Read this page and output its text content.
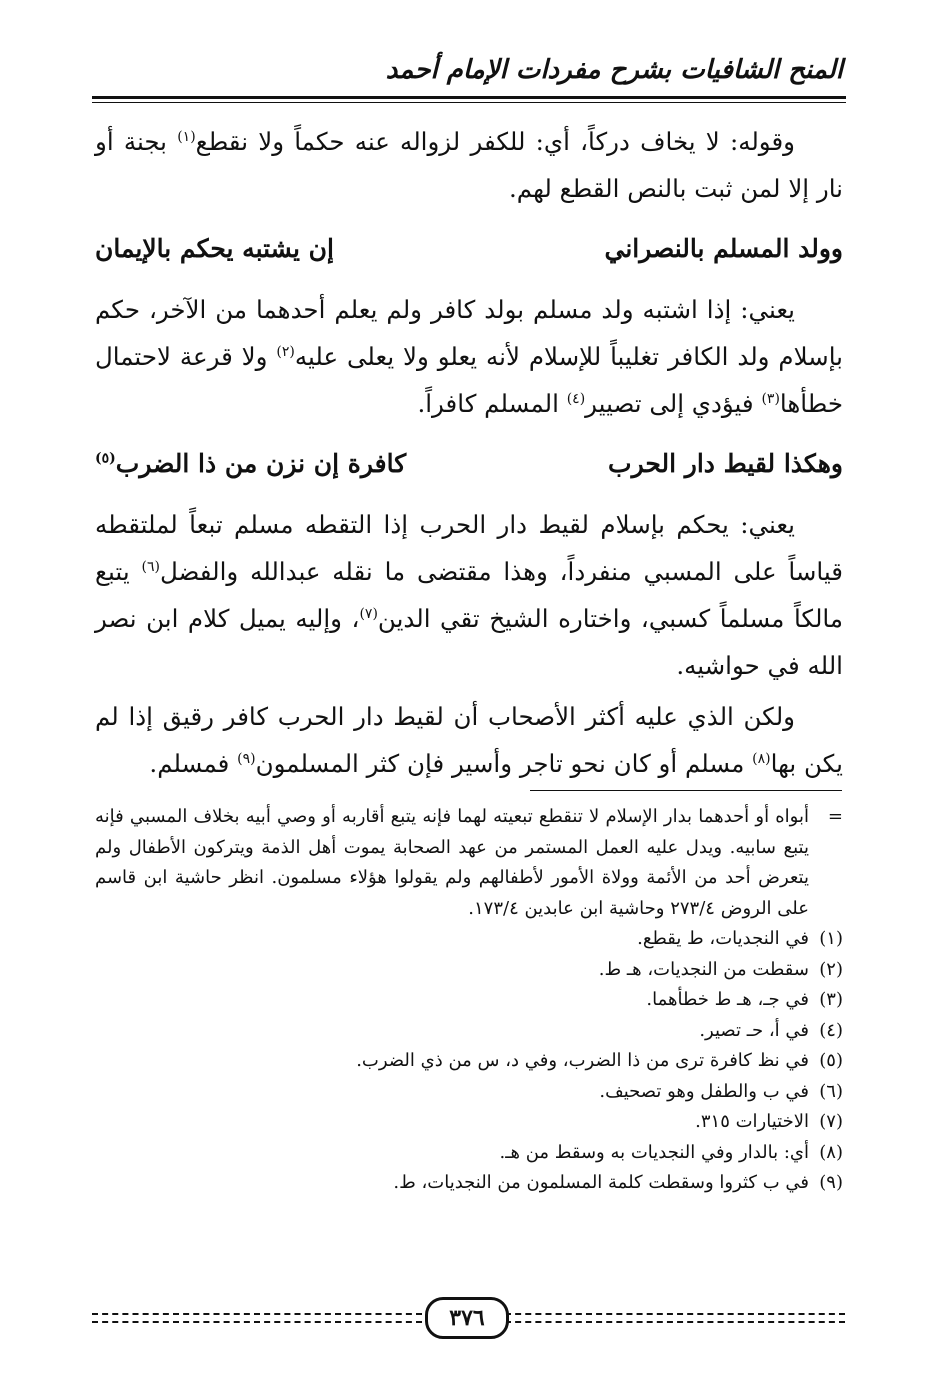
المنح الشافيات بشرح مفردات الإمام أحمد

وقوله: لا يخاف دركاً، أي: للكفر لزواله عنه حكماً ولا نقطع$^{(١)}$ بجنة أو نار إلا لمن ثبت بالنص القطع لهم.

وولد المسلم بالنصراني
إن يشتبه يحكم بالإيمان

يعني: إذا اشتبه ولد مسلم بولد كافر ولم يعلم أحدهما من الآخر، حكم بإسلام ولد الكافر تغليباً للإسلام لأنه يعلو ولا يعلى عليه$^{(٢)}$ ولا قرعة لاحتمال خطأها$^{(٣)}$ فيؤدي إلى تصيير$^{(٤)}$ المسلم كافراً.

وهكذا لقيط دار الحرب
كافرة إن نزن من ذا الضرب$^{(٥)}$

يعني: يحكم بإسلام لقيط دار الحرب إذا التقطه مسلم تبعاً لملتقطه قياساً على المسبي منفرداً، وهذا مقتضى ما نقله عبدالله والفضل$^{(٦)}$ يتبع مالكاً مسلماً كسبي، واختاره الشيخ تقي الدين$^{(٧)}$، وإليه يميل كلام ابن نصر الله في حواشيه.

ولكن الذي عليه أكثر الأصحاب أن لقيط دار الحرب كافر رقيق إذا لم يكن بها$^{(٨)}$ مسلم أو كان نحو تاجر وأسير فإن كثر المسلمون$^{(٩)}$ فمسلم.

=
أبواه أو أحدهما بدار الإسلام لا تنقطع تبعيته لهما فإنه يتبع أقاربه أو وصي أبيه بخلاف المسبي فإنه يتبع سابيه. ويدل عليه العمل المستمر من عهد الصحابة يموت أهل الذمة ويتركون الأطفال ولم يتعرض أحد من الأئمة وولاة الأمور لأطفالهم ولم يقولوا هؤلاء مسلمون. انظر حاشية ابن قاسم على الروض ٢٧٣/٤ وحاشية ابن عابدين ١٧٣/٤.
(١)
في النجديات، ط يقطع.
(٢)
سقطت من النجديات، هـ ط.
(٣)
في جـ، هـ ط خطأهما.
(٤)
في أ، حـ تصير.
(٥)
في نظ كافرة ترى من ذا الضرب، وفي د، س من ذي الضرب.
(٦)
في ب والطفل وهو تصحيف.
(٧)
الاختيارات ٣١٥.
(٨)
أي: بالدار وفي النجديات به وسقط من هـ.
(٩)
في ب كثروا وسقطت كلمة المسلمون من النجديات، ط.
٣٧٦
